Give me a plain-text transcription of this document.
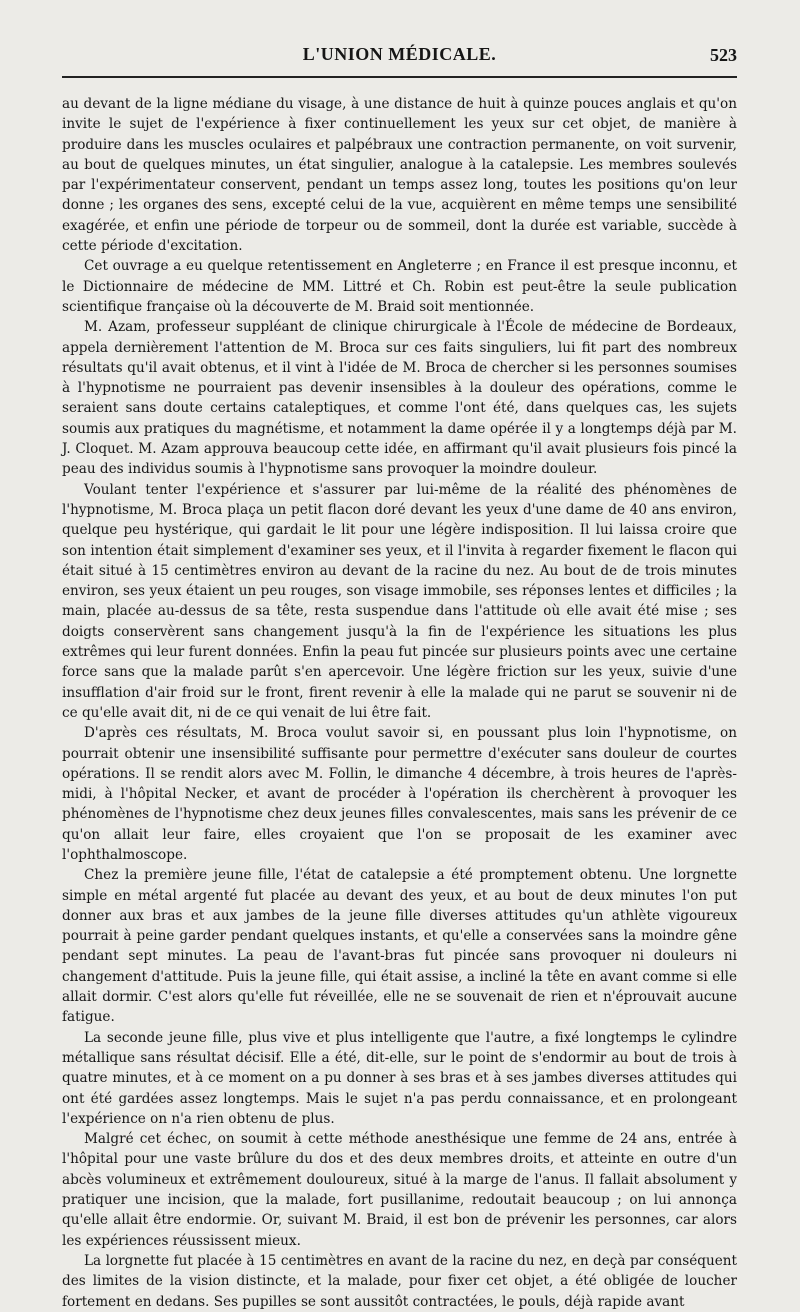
L'UNION MÉDICALE.	523

au devant de la ligne médiane du visage, à une distance de huit à quinze pouces anglais et qu'on invite le sujet de l'expérience à fixer continuellement les yeux sur cet objet, de manière à produire dans les muscles oculaires et palpébraux une contraction permanente, on voit survenir, au bout de quelques minutes, un état singulier, analogue à la catalepsie. Les membres soulevés par l'expérimentateur conservent, pendant un temps assez long, toutes les positions qu'on leur donne ; les organes des sens, excepté celui de la vue, acquièrent en même temps une sensibilité exagérée, et enfin une période de torpeur ou de sommeil, dont la durée est variable, succède à cette période d'excitation.

Cet ouvrage a eu quelque retentissement en Angleterre ; en France il est presque inconnu, et le Dictionnaire de médecine de MM. Littré et Ch. Robin est peut-être la seule publication scientifique française où la découverte de M. Braid soit mentionnée.

M. Azam, professeur suppléant de clinique chirurgicale à l'École de médecine de Bordeaux, appela dernièrement l'attention de M. Broca sur ces faits singuliers, lui fit part des nombreux résultats qu'il avait obtenus, et il vint à l'idée de M. Broca de chercher si les personnes soumises à l'hypnotisme ne pourraient pas devenir insensibles à la douleur des opérations, comme le seraient sans doute certains cataleptiques, et comme l'ont été, dans quelques cas, les sujets soumis aux pratiques du magnétisme, et notamment la dame opérée il y a longtemps déjà par M. J. Cloquet. M. Azam approuva beaucoup cette idée, en affirmant qu'il avait plusieurs fois pincé la peau des individus soumis à l'hypnotisme sans provoquer la moindre douleur.

Voulant tenter l'expérience et s'assurer par lui-même de la réalité des phénomènes de l'hypnotisme, M. Broca plaça un petit flacon doré devant les yeux d'une dame de 40 ans environ, quelque peu hystérique, qui gardait le lit pour une légère indisposition. Il lui laissa croire que son intention était simplement d'examiner ses yeux, et il l'invita à regarder fixement le flacon qui était situé à 15 centimètres environ au devant de la racine du nez. Au bout de de trois minutes environ, ses yeux étaient un peu rouges, son visage immobile, ses réponses lentes et difficiles ; la main, placée au-dessus de sa tête, resta suspendue dans l'attitude où elle avait été mise ; ses doigts conservèrent sans changement jusqu'à la fin de l'expérience les situations les plus extrêmes qui leur furent données. Enfin la peau fut pincée sur plusieurs points avec une certaine force sans que la malade parût s'en apercevoir. Une légère friction sur les yeux, suivie d'une insufflation d'air froid sur le front, firent revenir à elle la malade qui ne parut se souvenir ni de ce qu'elle avait dit, ni de ce qui venait de lui être fait.

D'après ces résultats, M. Broca voulut savoir si, en poussant plus loin l'hypnotisme, on pourrait obtenir une insensibilité suffisante pour permettre d'exécuter sans douleur de courtes opérations. Il se rendit alors avec M. Follin, le dimanche 4 décembre, à trois heures de l'après-midi, à l'hôpital Necker, et avant de procéder à l'opération ils cherchèrent à provoquer les phénomènes de l'hypnotisme chez deux jeunes filles convalescentes, mais sans les prévenir de ce qu'on allait leur faire, elles croyaient que l'on se proposait de les examiner avec l'ophthalmoscope.

Chez la première jeune fille, l'état de catalepsie a été promptement obtenu. Une lorgnette simple en métal argenté fut placée au devant des yeux, et au bout de deux minutes l'on put donner aux bras et aux jambes de la jeune fille diverses attitudes qu'un athlète vigoureux pourrait à peine garder pendant quelques instants, et qu'elle a conservées sans la moindre gêne pendant sept minutes. La peau de l'avant-bras fut pincée sans provoquer ni douleurs ni changement d'attitude. Puis la jeune fille, qui était assise, a incliné la tête en avant comme si elle allait dormir. C'est alors qu'elle fut réveillée, elle ne se souvenait de rien et n'éprouvait aucune fatigue.

La seconde jeune fille, plus vive et plus intelligente que l'autre, a fixé longtemps le cylindre métallique sans résultat décisif. Elle a été, dit-elle, sur le point de s'endormir au bout de trois à quatre minutes, et à ce moment on a pu donner à ses bras et à ses jambes diverses attitudes qui ont été gardées assez longtemps. Mais le sujet n'a pas perdu connaissance, et en prolongeant l'expérience on n'a rien obtenu de plus.

Malgré cet échec, on soumit à cette méthode anesthésique une femme de 24 ans, entrée à l'hôpital pour une vaste brûlure du dos et des deux membres droits, et atteinte en outre d'un abcès volumineux et extrêmement douloureux, situé à la marge de l'anus. Il fallait absolument y pratiquer une incision, que la malade, fort pusillanime, redoutait beaucoup ; on lui annonça qu'elle allait être endormie. Or, suivant M. Braid, il est bon de prévenir les personnes, car alors les expériences réussissent mieux.

La lorgnette fut placée à 15 centimètres en avant de la racine du nez, en deçà par conséquent des limites de la vision distincte, et la malade, pour fixer cet objet, a été obligée de loucher fortement en dedans. Ses pupilles se sont aussitôt contractées, le pouls, déjà rapide avant
